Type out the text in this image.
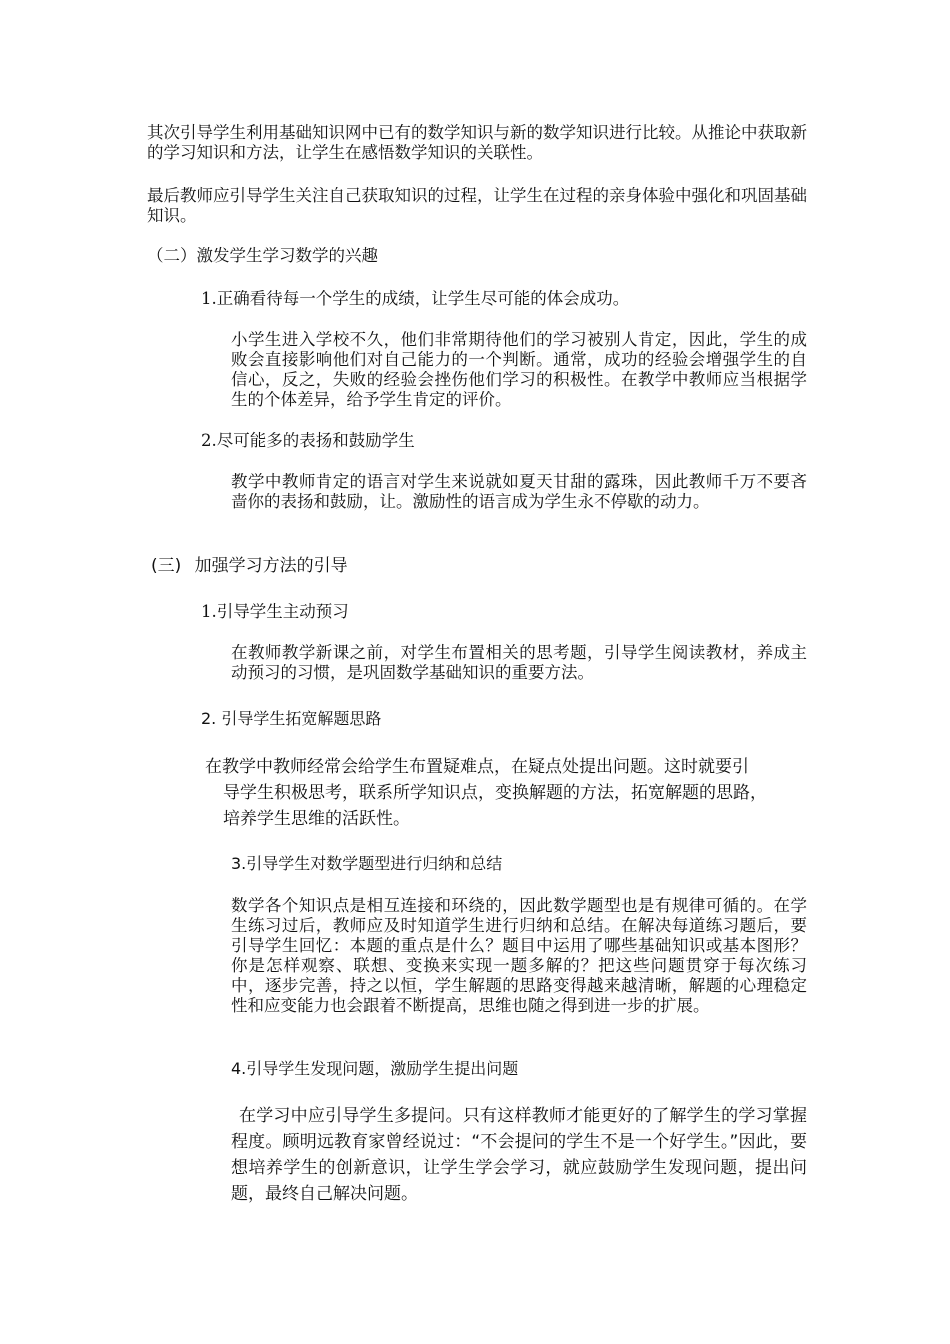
其次引导学生利用基础知识网中已有的数学知识与新的数学知识进行比较。从推论中获取新的学习知识和方法，让学生在感悟数学知识的关联性。

最后教师应引导学生关注自己获取知识的过程，让学生在过程的亲身体验中强化和巩固基础知识。

（二）激发学生学习数学的兴趣
1.正确看待每一个学生的成绩，让学生尽可能的体会成功。

小学生进入学校不久，他们非常期待他们的学习被别人肯定，因此，学生的成败会直接影响他们对自己能力的一个判断。通常，成功的经验会增强学生的自信心，反之，失败的经验会挫伤他们学习的积极性。在教学中教师应当根据学生的个体差异，给予学生肯定的评价。

2.尽可能多的表扬和鼓励学生

教学中教师肯定的语言对学生来说就如夏天甘甜的露珠，因此教师千万不要吝啬你的表扬和鼓励，让。激励性的语言成为学生永不停歇的动力。

(三) 加强学习方法的引导
1.引导学生主动预习

在教师教学新课之前，对学生布置相关的思考题，引导学生阅读教材，养成主动预习的习惯，是巩固数学基础知识的重要方法。

2. 引导学生拓宽解题思路
在教学中教师经常会给学生布置疑难点，在疑点处提出问题。这时就要引
导学生积极思考，联系所学知识点，变换解题的方法，拓宽解题的思路，
培养学生思维的活跃性。
3.引导学生对数学题型进行归纳和总结

数学各个知识点是相互连接和环绕的，因此数学题型也是有规律可循的。在学生练习过后，教师应及时知道学生进行归纳和总结。在解决每道练习题后，要引导学生回忆：本题的重点是什么？题目中运用了哪些基础知识或基本图形？你是怎样观察、联想、变换来实现一题多解的？把这些问题贯穿于每次练习中，逐步完善，持之以恒，学生解题的思路变得越来越清晰，解题的心理稳定性和应变能力也会跟着不断提高，思维也随之得到进一步的扩展。

4.引导学生发现问题，激励学生提出问题

在学习中应引导学生多提问。只有这样教师才能更好的了解学生的学习掌握程度。顾明远教育家曾经说过：“不会提问的学生不是一个好学生。”因此，要想培养学生的创新意识，让学生学会学习，就应鼓励学生发现问题，提出问题，最终自己解决问题。
